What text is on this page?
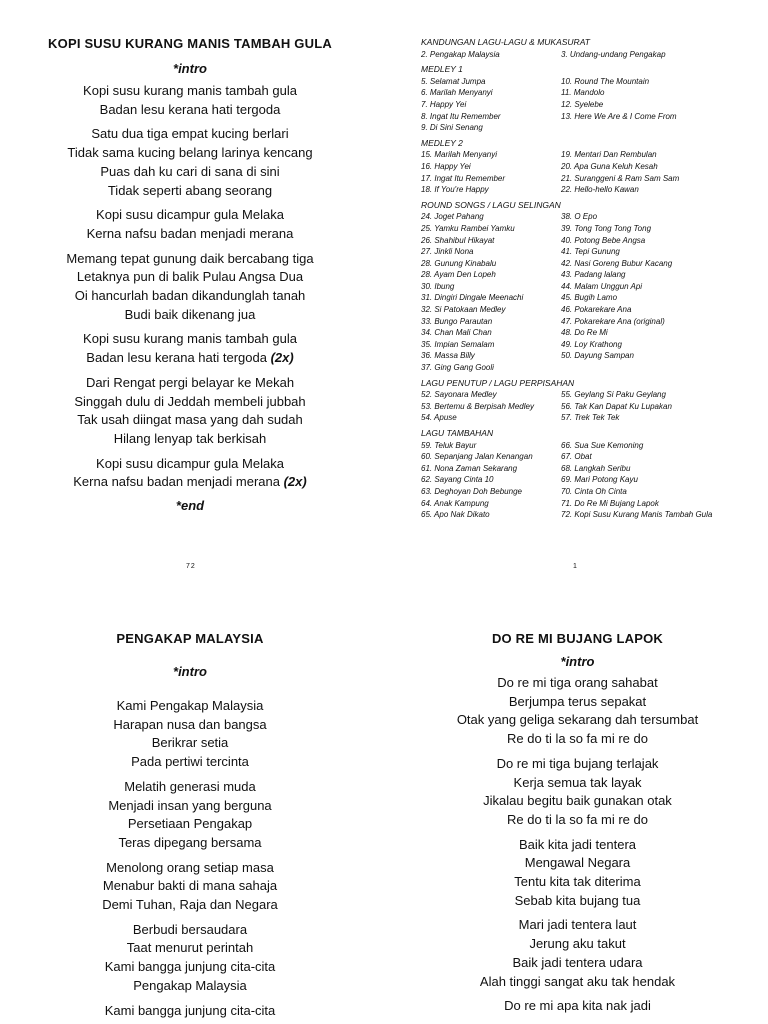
KOPI SUSU KURANG MANIS TAMBAH GULA
*intro
Kopi susu kurang manis tambah gula
Badan lesu kerana hati tergoda
Satu dua tiga empat kucing berlari
Tidak sama kucing belang larinya kencang
Puas dah ku cari di sana di sini
Tidak seperti abang seorang
Kopi susu dicampur gula Melaka
Kerna nafsu badan menjadi merana
Memang tepat gunung daik bercabang tiga
Letaknya pun di balik Pulau Angsa Dua
Oi hancurlah badan dikandunglah tanah
Budi baik dikenang jua
Kopi susu kurang manis tambah gula
Badan lesu kerana hati tergoda (2x)
Dari Rengat pergi belayar ke Mekah
Singgah dulu di Jeddah membeli jubbah
Tak usah diingat masa yang dah sudah
Hilang lenyap tak berkisah
Kopi susu dicampur gula Melaka
Kerna nafsu badan menjadi merana (2x)
*end
72
KANDUNGAN LAGU-LAGU & MUKASURAT
2. Pengakap Malaysia	3. Undang-undang Pengakap
MEDLEY 1
5. Selamat Jumpa	10. Round The Mountain
6. Marilah Menyanyi	11. Mandolo
7. Happy Yei	12. Syelebe
8. Ingat Itu Remember	13. Here We Are & I Come From
9. Di Sini Senang
MEDLEY 2
15. Marilah Menyanyi	19. Mentari Dan Rembulan
16. Happy Yei	20. Apa Guna Keluh Kesah
17. Ingat Itu Remember	21. Suranggeni & Ram Sam Sam
18. If You're Happy	22. Hello-hello Kawan
ROUND SONGS / LAGU SELINGAN
24. Joget Pahang	38. O Epo
25. Yamku Rambei Yamku	39. Tong Tong Tong Tong
26. Shahibul Hikayat	40. Potong Bebe Angsa
27. Jinkli Nona	41. Tepi Gunung
28. Gunung Kinabalu	42. Nasi Goreng Bubur Kacang
28. Ayam Den Lopeh	43. Padang lalang
30. Ibung	44. Malam Unggun Api
31. Dingiri Dingale Meenachi	45. Bugih Lamo
32. Si Patokaan Medley	46. Pokarekare Ana
33. Bungo Parautan	47. Pokarekare Ana (original)
34. Chan Mali Chan	48. Do Re Mi
35. Impian Semalam	49. Loy Krathong
36. Massa Billy	50. Dayung Sampan
37. Ging Gang Gooli
LAGU PENUTUP / LAGU PERPISAHAN
52. Sayonara Medley	55. Geylang Si Paku Geylang
53. Bertemu & Berpisah Medley	56. Tak Kan Dapat Ku Lupakan
54. Apuse	57. Trek Tek Tek
LAGU TAMBAHAN
59. Teluk Bayur	66. Sua Sue Kemoning
60. Sepanjang Jalan Kenangan	67. Obat
61. Nona Zaman Sekarang	68. Langkah Seribu
62. Sayang Cinta 10	69. Mari Potong Kayu
63. Deghoyan Doh Bebunge	70. Cinta Oh Cinta
64. Anak Kampung	71. Do Re Mi Bujang Lapok
65. Apo Nak Dikato	72. Kopi Susu Kurang Manis Tambah Gula
1
PENGAKAP MALAYSIA
*intro
Kami Pengakap Malaysia
Harapan nusa dan bangsa
Berikrar setia
Pada pertiwi tercinta
Melatih generasi muda
Menjadi insan yang berguna
Persetiaan Pengakap
Teras dipegang bersama
Menolong orang setiap masa
Menabur bakti di mana sahaja
Demi Tuhan, Raja dan Negara
Berbudi bersaudara
Taat menurut perintah
Kami bangga junjung cita-cita
Pengakap Malaysia
Kami bangga junjung cita-cita
DO RE MI BUJANG LAPOK
*intro
Do re mi tiga orang sahabat
Berjumpa terus sepakat
Otak yang geliga sekarang dah tersumbat
Re do ti la so fa mi re do
Do re mi tiga bujang terlajak
Kerja semua tak layak
Jikalau begitu baik gunakan otak
Re do ti la so fa mi re do
Baik kita jadi tentera
Mengawal Negara
Tentu kita tak diterima
Sebab kita bujang tua
Mari jadi tentera laut
Jerung aku takut
Baik jadi tentera udara
Alah tinggi sangat aku tak hendak
Do re mi apa kita nak jadi
